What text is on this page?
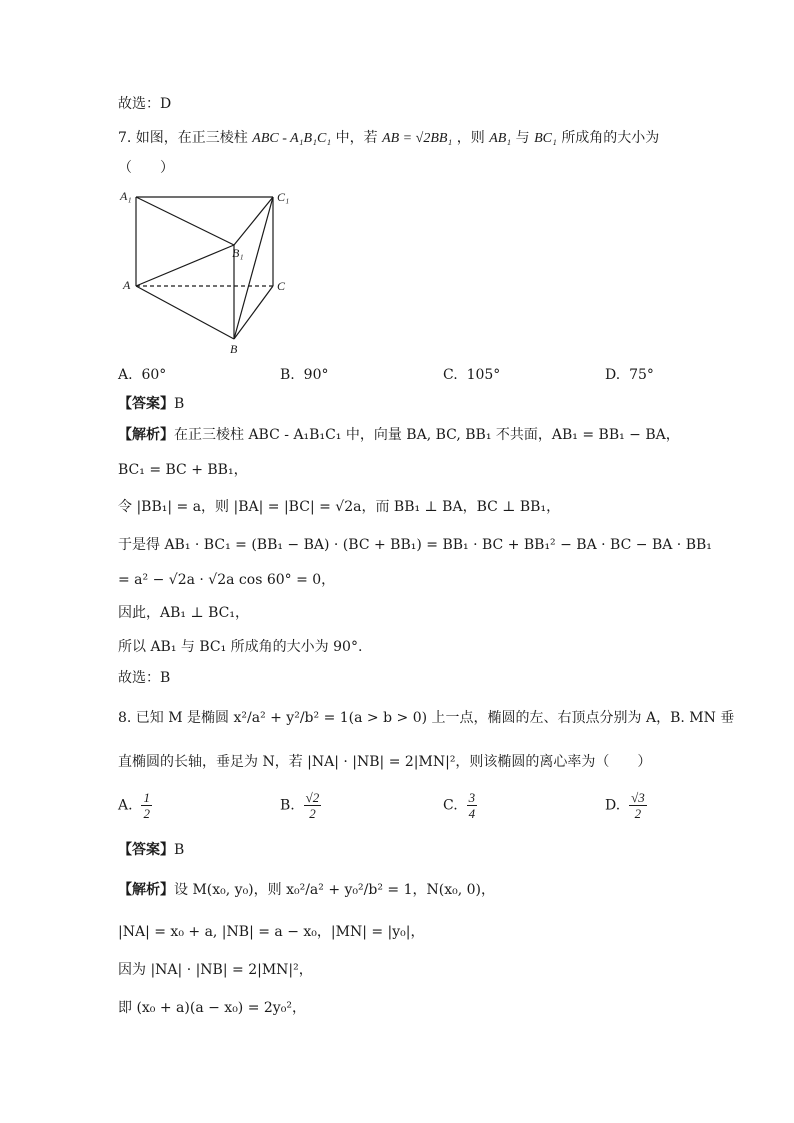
故选：D
7. 如图，在正三棱柱 ABC - A₁B₁C₁ 中，若 AB = √2BB₁ ，则 AB₁ 与 BC₁ 所成角的大小为
（　　）
A₁	C₁
B₁
A	C
B
A. 60°	B. 90°	C. 105°	D. 75°
【答案】B
【解析】在正三棱柱 ABC - A₁B₁C₁ 中，向量 BA, BC, BB₁ 不共面，AB₁ = BB₁ − BA，
BC₁ = BC + BB₁，
令 |BB₁| = a，则 |BA| = |BC| = √2a，而 BB₁ ⊥ BA，BC ⊥ BB₁，
于是得 AB₁ · BC₁ = (BB₁ − BA) · (BC + BB₁) = BB₁ · BC + BB₁² − BA · BC − BA · BB₁
= a² − √2a · √2a cos 60° = 0，
因此，AB₁ ⊥ BC₁，
所以 AB₁ 与 BC₁ 所成角的大小为 90°.
故选：B
8. 已知 M 是椭圆 x²/a² + y²/b² = 1(a > b > 0) 上一点，椭圆的左、右顶点分别为 A，B. MN 垂
直椭圆的长轴，垂足为 N，若 |NA| · |NB| = 2|MN|²，则该椭圆的离心率为（　　）
A. $\frac{1}{2}$	B. $\frac{√2}{2}$	C. $\frac{3}{4}$	D. $\frac{√3}{2}$
【答案】B
【解析】设 M(x₀, y₀)，则 x₀²/a² + y₀²/b² = 1，N(x₀, 0)，
|NA| = x₀ + a, |NB| = a − x₀，|MN| = |y₀|，
因为 |NA| · |NB| = 2|MN|²，
即 (x₀ + a)(a − x₀) = 2y₀²，
